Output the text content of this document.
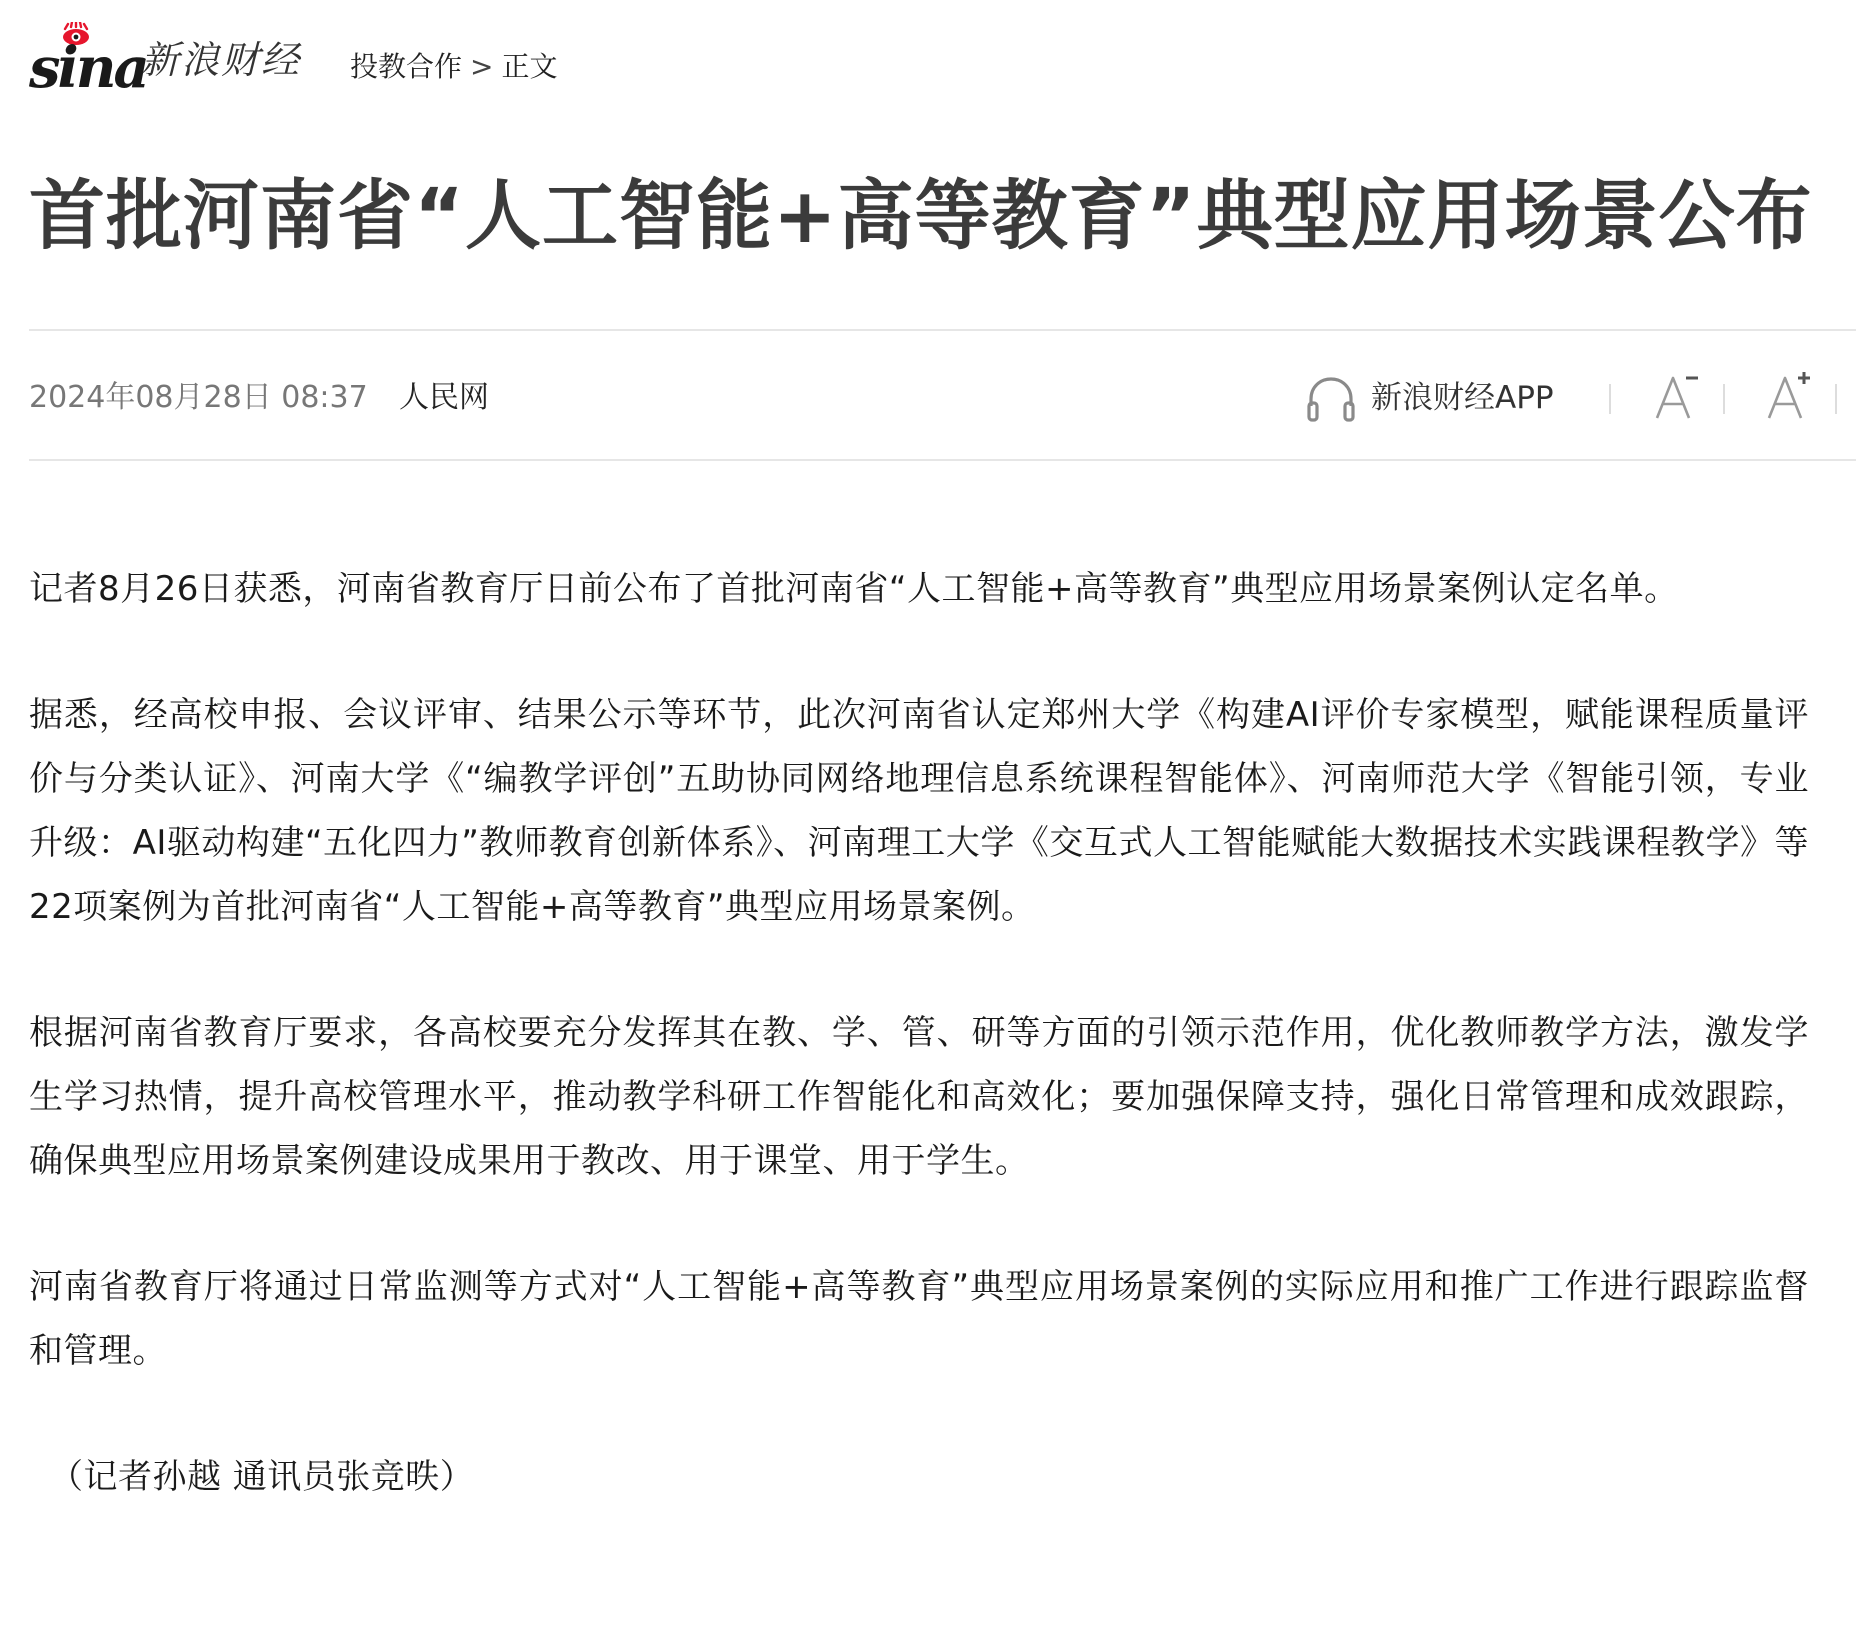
sina
新浪财经 投教合作 > 正文
首批河南省“人工智能+高等教育”典型应用场景公布
2024年08月28日 08:37 人民网	新浪财经APP

记者8月26日获悉，河南省教育厅日前公布了首批河南省“人工智能+高等教育”典型应用场景案例认定名单。

据悉，经高校申报、会议评审、结果公示等环节，此次河南省认定郑州大学《构建AI评价专家模型，赋能课程质量评价与分类认证》、河南大学《“编教学评创”五助协同网络地理信息系统课程智能体》、河南师范大学《智能引领，专业升级：AI驱动构建“五化四力”教师教育创新体系》、河南理工大学《交互式人工智能赋能大数据技术实践课程教学》等22项案例为首批河南省“人工智能+高等教育”典型应用场景案例。

根据河南省教育厅要求，各高校要充分发挥其在教、学、管、研等方面的引领示范作用，优化教师教学方法，激发学生学习热情，提升高校管理水平，推动教学科研工作智能化和高效化；要加强保障支持，强化日常管理和成效跟踪，确保典型应用场景案例建设成果用于教改、用于课堂、用于学生。

河南省教育厅将通过日常监测等方式对“人工智能+高等教育”典型应用场景案例的实际应用和推广工作进行跟踪监督和管理。

（记者孙越 通讯员张竞昳）
